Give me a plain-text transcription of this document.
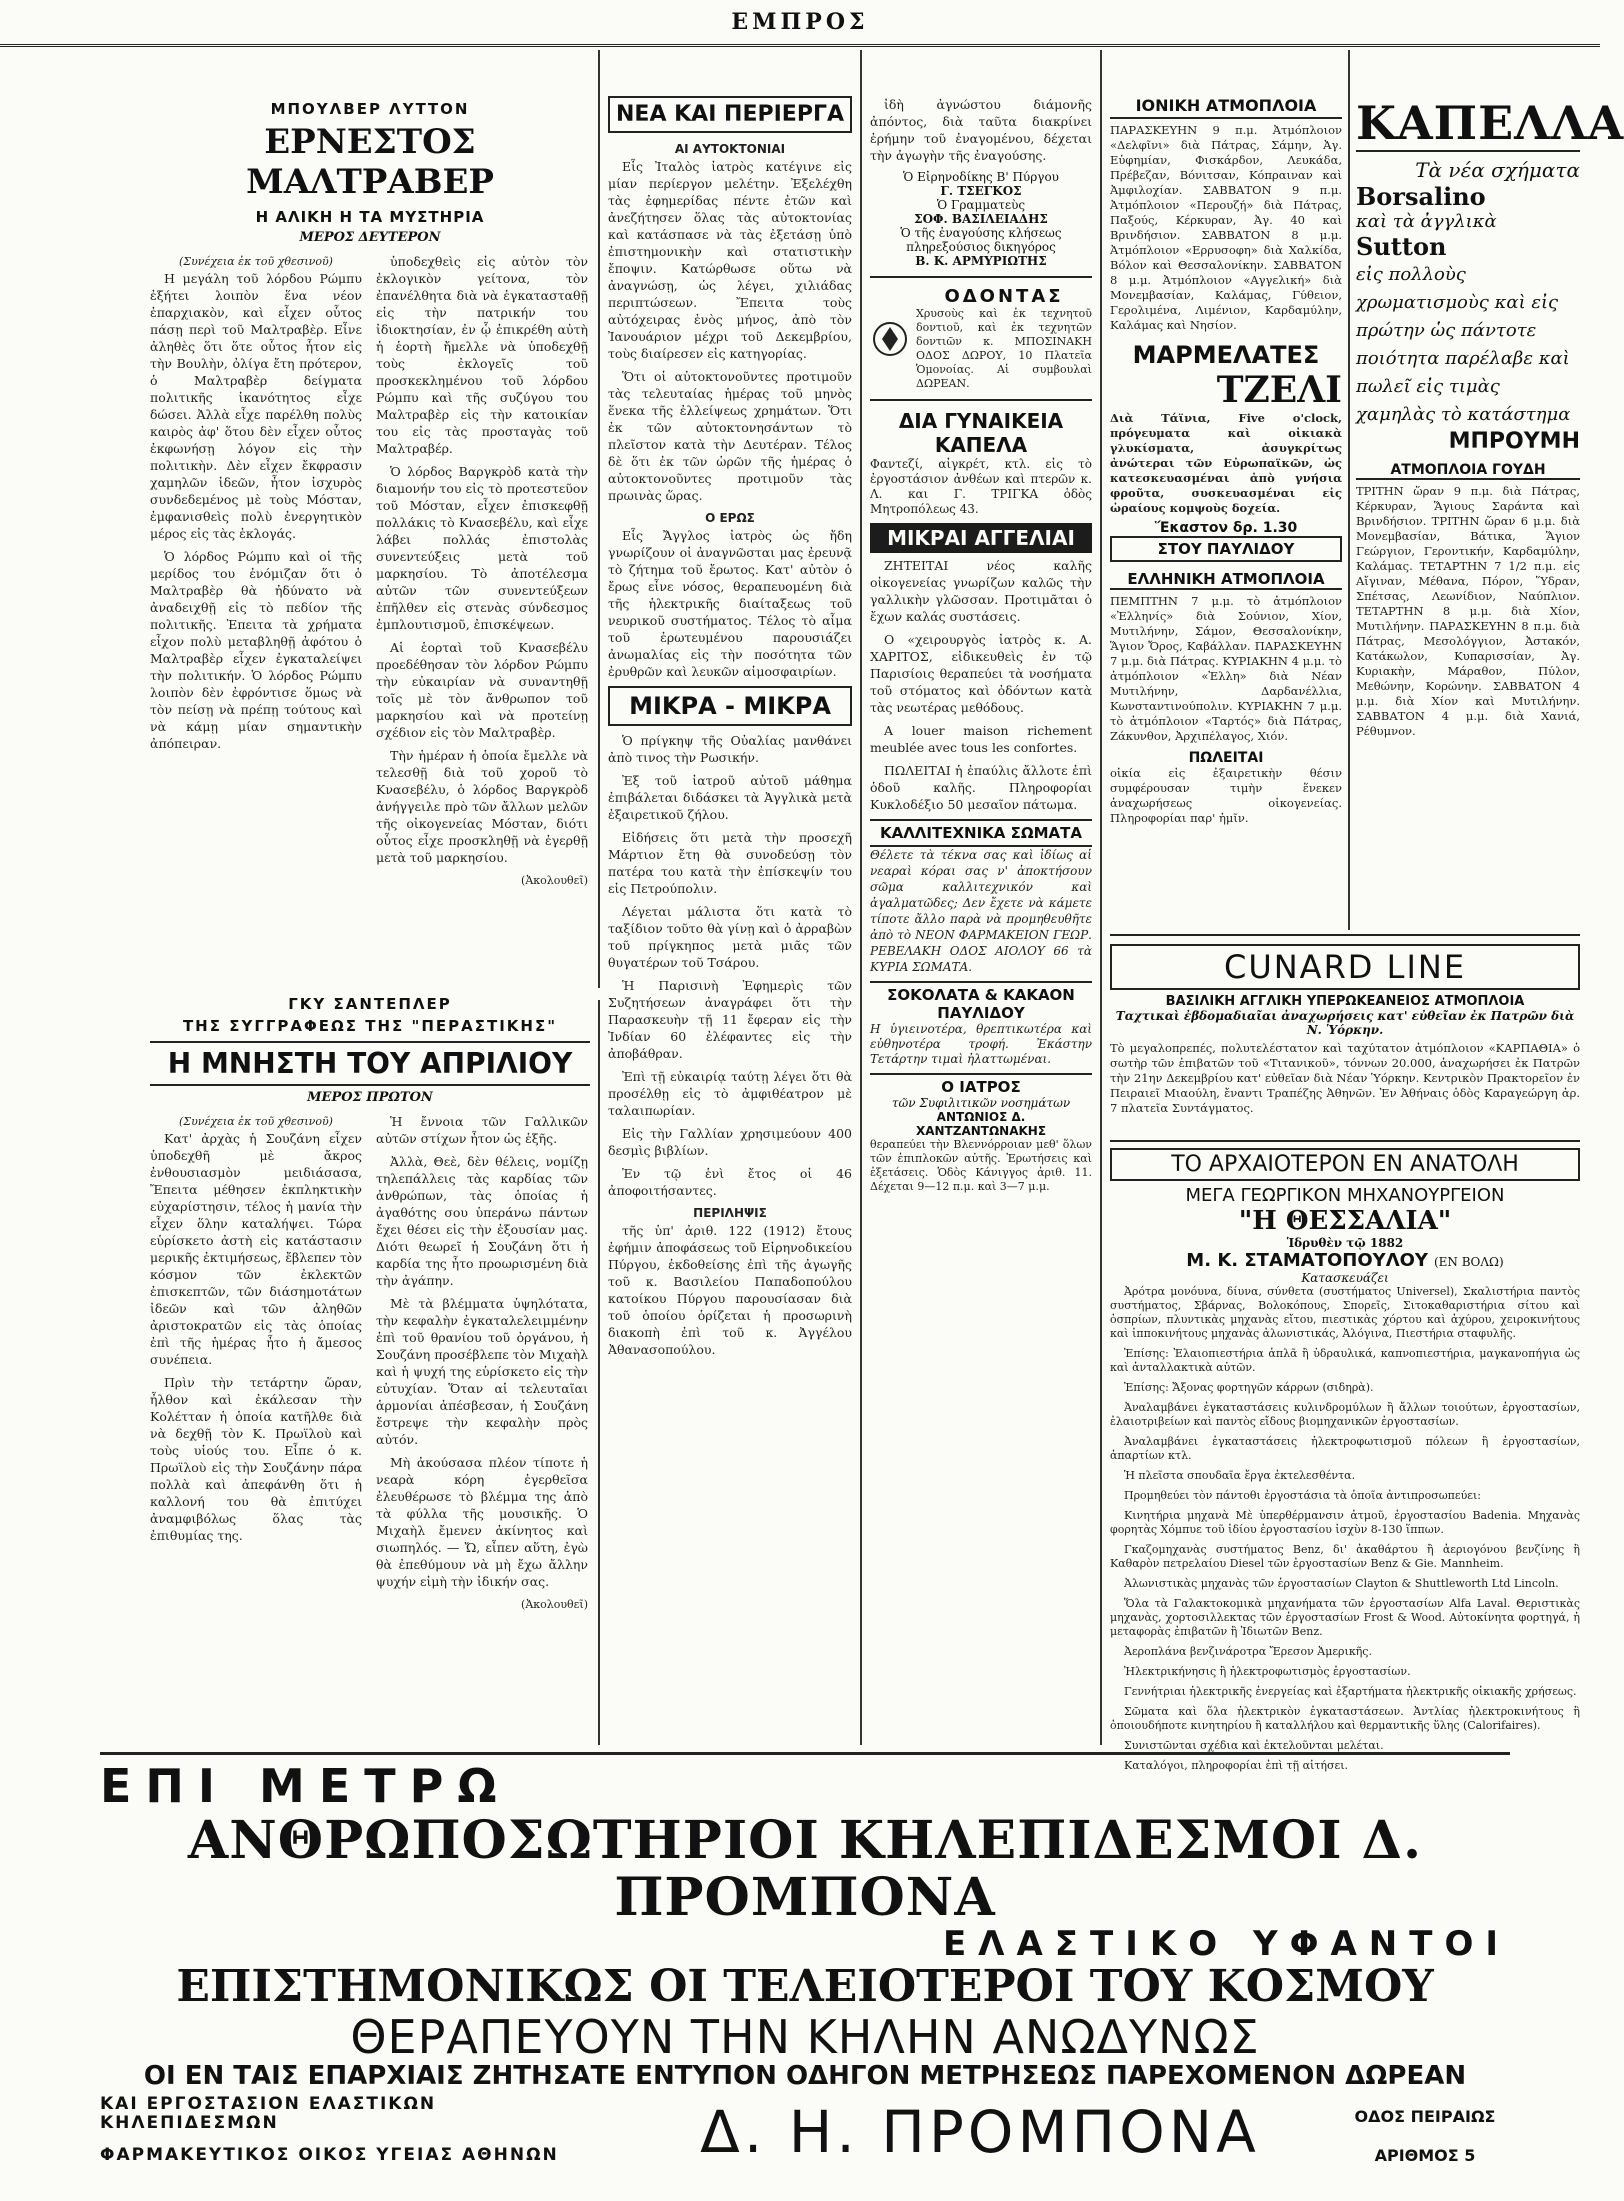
ΕΜΠΡΟΣ
ΜΠΟΥΛΒΕΡ ΛΥΤΤΟΝ
ΕΡΝΕΣΤΟΣ ΜΑΛΤΡΑΒΕΡ
Η ΑΛΙΚΗ Η ΤΑ ΜΥΣΤΗΡΙΑ
ΜΕΡΟΣ ΔΕΥΤΕΡΟΝ
(Συνέχεια ἐκ τοῦ χθεσινοῦ)

Η μεγάλη τοῦ λόρδου Ρώμπυ ἐξήτει λοιπὸν ἕνα νέον ἐπαρχιακὸν, καὶ εἶχεν οὗτος πάσῃ περὶ τοῦ Μαλτραβὲρ. Εἶνε ἀληθὲς ὅτι ὅτε οὗτος ἦτον εἰς τὴν Βουλὴν, ὀλίγα ἔτη πρότερον, ὁ Μαλτραβὲρ δείγματα πολιτικῆς ἱκανότητος εἶχε δώσει. Ἀλλὰ εἶχε παρέλθη πολὺς καιρὸς ἀφ' ὅτου δὲν εἶχεν οὗτος ἐκφωνήσῃ λόγον εἰς τὴν πολιτικὴν. Δὲν εἶχεν ἔκφρασιν χαμηλῶν ἰδεῶν, ἦτον ἰσχυρὸς συνδεδεμένος μὲ τοὺς Μόσταν, ἐμφανισθεὶς πολὺ ἐνεργητικὸν μέρος εἰς τὰς ἐκλογάς.

Ὁ λόρδος Ρώμπυ καὶ οἱ τῆς μερίδος του ἐνόμιζαν ὅτι ὁ Μαλτραβὲρ θὰ ἠδύνατο νὰ ἀναδειχθῇ εἰς τὸ πεδίον τῆς πολιτικῆς. Ἐπειτα τὰ χρήματα εἶχον πολὺ μεταβληθῇ ἀφότου ὁ Μαλτραβὲρ εἶχεν ἐγκαταλείψει τὴν πολιτικήν. Ὁ λόρδος Ρώμπυ λοιπὸν δὲν ἐφρόντισε ὅμως νὰ τὸν πείσῃ νὰ πρέπῃ τούτους καὶ νὰ κάμῃ μίαν σημαντικὴν ἀπόπειραν.

ὑποδεχθεὶς εἰς αὐτὸν τὸν ἐκλογικὸν γείτονα, τὸν ἐπανέλθητα διὰ νὰ ἐγκατασταθῇ εἰς τὴν πατρικήν του ἰδιοκτησίαν, ἐν ᾧ ἐπικρέθη αὐτὴ ἡ ἑορτὴ ἤμελλε νὰ ὑποδεχθῇ τοὺς ἐκλογεῖς τοῦ προσκεκλημένου τοῦ λόρδου Ρώμπυ καὶ τῆς συζύγου του Μαλτραβὲρ εἰς τὴν κατοικίαν του εἰς τὰς προσταγὰς τοῦ Μαλτραβέρ.

Ὁ λόρδος Βαργκρὸδ κατὰ τὴν διαμονήν του εἰς τὸ προτεστεῦον τοῦ Μόσταν, εἶχεν ἐπισκεφθῇ πολλάκις τὸ Κνασεβέλυ, καὶ εἶχε λάβει πολλάς ἐπιστολὰς συνεντεύξεις μετὰ τοῦ μαρκησίου. Τὸ ἀποτέλεσμα αὐτῶν τῶν συνεντεύξεων ἐπῆλθεν εἰς στενὰς σύνδεσμος ἐμπλουτισμοῦ, ἐπισκέψεων.

Αἱ ἑορταὶ τοῦ Κνασεβέλυ προεδέθησαν τὸν λόρδον Ρώμπυ τὴν εὐκαιρίαν νὰ συναντηθῇ τοῖς μὲ τὸν ἄνθρωπον τοῦ μαρκησίου καὶ νὰ προτείνῃ σχέδιον εἰς τὸν Μαλτραβὲρ.

Τὴν ἡμέραν ἡ ὁποία ἔμελλε νὰ τελεσθῇ διὰ τοῦ χοροῦ τὸ Κνασεβέλυ, ὁ λόρδος Βαργκρὸδ ἀνήγγειλε πρὸ τῶν ἄλλων μελῶν τῆς οἰκογενείας Μόσταν, διότι οὗτος εἶχε προσκληθῇ νὰ ἐγερθῇ μετὰ τοῦ μαρκησίου.

(Ἀκολουθεῖ)
ΓΚΥ ΣΑΝΤΕΠΛΕΡ
ΤΗΣ ΣΥΓΓΡΑΦΕΩΣ ΤΗΣ "ΠΕΡΑΣΤΙΚΗΣ"
Η ΜΝΗΣΤΗ ΤΟΥ ΑΠΡΙΛΙΟΥ
ΜΕΡΟΣ ΠΡΩΤΟΝ
(Συνέχεια ἐκ τοῦ χθεσινοῦ)

Κατ' ἀρχὰς ἡ Σουζάνη εἶχεν ὑποδεχθῆ μὲ ἄκρος ἐνθουσιασμὸν μειδιάσασα, Ἔπειτα μέθησεν ἐκπληκτικὴν εὐχαρίστησιν, τέλος ἡ μανία τὴν εἶχεν ὅλην καταλήψει. Τώρα εὑρίσκετο ἀστὴ εἰς κατάστασιν μερικῆς ἐκτιμήσεως, ἔβλεπεν τὸν κόσμον τῶν ἐκλεκτῶν ἐπισκεπτῶν, τῶν διάσημοτάτων ἰδεῶν καὶ τῶν ἀληθῶν ἀριστοκρατῶν εἰς τὰς ὁποίας ἐπὶ τῆς ἡμέρας ἦτο ἡ ἄμεσος συνέπεια.

Πρὶν τὴν τετάρτην ὥραν, ἦλθον καὶ ἐκάλεσαν τὴν Κολέτταν ἡ ὁποία κατῆλθε διὰ νὰ δεχθῇ τὸν Κ. Πρωϊλοὺ καὶ τοὺς υἱούς του. Εἶπε ὁ κ. Πρωϊλοὺ εἰς τὴν Σουζάνην πάρα πολλὰ καὶ ἀπεφάνθη ὅτι ἡ καλλονή του θὰ ἐπιτύχει ἀναμφιβόλως ὅλας τὰς ἐπιθυμίας της.

Ἡ ἔννοια τῶν Γαλλικῶν αὐτῶν στίχων ἦτον ὡς ἑξῆς.

Ἀλλὰ, Θεὲ, δὲν θέλεις, νομίζῃ τηλεπάλλεις τὰς καρδίας τῶν ἀνθρώπων, τὰς ὁποίας ἡ ἀγαθότης σου ὑπεράνω πάντων ἔχει θέσει εἰς τὴν ἐξουσίαν μας. Διότι θεωρεῖ ἡ Σουζάνη ὅτι ἡ καρδία της ἦτο προωρισμένη διὰ τὴν ἀγάπην.

Μὲ τὰ βλέμματα ὑψηλότατα, τὴν κεφαλὴν ἐγκαταλελειμμένην ἐπὶ τοῦ θρανίου τοῦ ὀργάνου, ἡ Σουζάνη προσέβλεπε τὸν Μιχαὴλ καὶ ἡ ψυχή της εὑρίσκετο εἰς τὴν εὐτυχίαν. Ὅταν αἱ τελευταῖαι ἁρμονίαι ἀπέσβεσαν, ἡ Σουζάνη ἔστρεψε τὴν κεφαλὴν πρὸς αὐτόν.

Μὴ ἀκούσασα πλέον τίποτε ἡ νεαρὰ κόρη ἐγερθεῖσα ἐλευθέρωσε τὸ βλέμμα της ἀπὸ τὰ φύλλα τῆς μουσικῆς. Ὁ Μιχαὴλ ἔμενεν ἀκίνητος καὶ σιωπηλός. — Ὤ, εἶπεν αὕτη, ἐγὼ θὰ ἐπεθύμουν νὰ μὴ ἔχω ἄλλην ψυχήν εἰμὴ τὴν ἰδικήν σας.

(Ἀκολουθεῖ)
ΝΕΑ ΚΑΙ ΠΕΡΙΕΡΓΑ
ΑΙ ΑΥΤΟΚΤΟΝΙΑΙ

Εἷς Ἰταλὸς ἰατρὸς κατέγινε εἰς μίαν περίεργον μελέτην. Ἐξελέχθη τὰς ἐφημερίδας πέντε ἐτῶν καὶ ἀνεζήτησεν ὅλας τὰς αὐτοκτονίας καὶ κατάσπασε νὰ τὰς ἐξετάσῃ ὑπὸ ἐπιστημονικὴν καὶ στατιστικὴν ἔποψιν. Κατώρθωσε οὕτω νὰ ἀναγνώσῃ, ὡς λέγει, χιλιάδας περιπτώσεων. Ἔπειτα τοὺς αὐτόχειρας ἐνὸς μήνος, ἀπὸ τὸν Ἰανουάριον μέχρι τοῦ Δεκεμβρίου, τοὺς διαίρεσεν εἰς κατηγορίας.

Ὅτι οἱ αὐτοκτονοῦντες προτιμοῦν τὰς τελευταίας ἡμέρας τοῦ μηνὸς ἕνεκα τῆς ἐλλείψεως χρημάτων. Ὅτι ἐκ τῶν αὐτοκτονησάντων τὸ πλεῖστον κατὰ τὴν Δευτέραν. Τέλος δὲ ὅτι ἐκ τῶν ὡρῶν τῆς ἡμέρας ὁ αὐτοκτονοῦντες προτιμοῦν τὰς πρωινὰς ὥρας.

Ο ΕΡΩΣ

Εἷς Ἄγγλος ἰατρὸς ὡς ἤδη γνωρίζουν οἱ ἀναγνῶσται μας ἐρευνᾷ τὸ ζήτημα τοῦ ἔρωτος. Κατ' αὐτὸν ὁ ἔρως εἶνε νόσος, θεραπευομένη διὰ τῆς ἡλεκτρικῆς διαίταξεως τοῦ νευρικοῦ συστήματος. Τέλος τὸ αἷμα τοῦ ἐρωτευμένου παρουσιάζει ἀνωμαλίας εἰς τὴν ποσότητα τῶν ἐρυθρῶν καὶ λευκῶν αἱμοσφαιρίων.

ΜΙΚΡΑ - ΜΙΚΡΑ

Ὁ πρίγκηψ τῆς Οὐαλίας μανθάνει ἀπὸ τινος τὴν Ρωσικήν.

Ἐξ τοῦ ἰατροῦ αὐτοῦ μάθημα ἐπιβάλεται διδάσκει τὰ Ἀγγλικὰ μετὰ ἐξαιρετικοῦ ζήλου.

Εἰδήσεις ὅτι μετὰ τὴν προσεχῆ Μάρτιον ἔτη θὰ συνοδεύσῃ τὸν πατέρα του κατὰ τὴν ἐπίσκεψίν του εἰς Πετρούπολιν.

Λέγεται μάλιστα ὅτι κατὰ τὸ ταξίδιον τοῦτο θὰ γίνῃ καὶ ὁ ἀρραβὼν τοῦ πρίγκηπος μετὰ μιᾶς τῶν θυγατέρων τοῦ Τσάρου.

Ἡ Παρισινὴ Ἐφημερὶς τῶν Συζητήσεων ἀναγράφει ὅτι τὴν Παρασκευὴν τῇ 11 ἔφεραν εἰς τὴν Ἰνδίαν 60 ἐλέφαντες εἰς τὴν ἀποβάθραν.

Ἐπὶ τῇ εὐκαιρίᾳ ταύτῃ λέγει ὅτι θὰ προσέλθῃ εἰς τὸ ἀμφιθέατρον μὲ ταλαιπωρίαν.

Εἰς τὴν Γαλλίαν χρησιμεύουν 400 δεσμὶς βιβλίων.

Ἐν τῷ ἑνὶ ἔτος οἱ 46 ἀποφοιτήσαντες.

ΠΕΡΙΛΗΨΙΣ

τῆς ὑπ' ἀριθ. 122 (1912) ἔτους ἐφήμιν ἀποφάσεως τοῦ Εἰρηνοδικείου Πύργου, ἐκδοθείσης ἐπὶ τῆς ἀγωγῆς τοῦ κ. Βασιλείου Παπαδοπούλου κατοίκου Πύργου παρουσίασαν διὰ τοῦ ὁποίου ὁρίζεται ἡ προσωρινὴ διακοπὴ ἐπὶ τοῦ κ. Ἀγγέλου Ἀθανασοπούλου.

ἰδὴ ἀγνώστου διάμονῆς ἀπόντος, διὰ ταῦτα διακρίνει ἐρήμην τοῦ ἐναγομένου, δέχεται τὴν ἀγωγὴν τῆς ἐναγούσης.

Ὁ Εἰρηνοδίκης Β' Πύργου
Γ. ΤΣΕΓΚΟΣ
Ὁ Γραμματεὺς
ΣΟΦ. ΒΑΣΙΛΕΙΑΔΗΣ
Ὁ τῆς ἐναγούσης κλήσεως πληρεξούσιος δικηγόρος
Β. Κ. ΑΡΜΥΡΙΩΤΗΣ
ΟΔΟΝΤΑΣ
Χρυσοὺς καὶ ἐκ τεχνητοῦ δοντιοῦ, καὶ ἐκ τεχνητῶν δοντιῶν κ. ΜΠΟΣΙΝΑΚΗ ΟΔΟΣ ΔΩΡΟΥ, 10 Πλατεῖα Ὁμονοίας. Αἱ συμβουλαὶ ΔΩΡΕΑΝ.
ΔΙΑ ΓΥΝΑΙΚΕΙΑ ΚΑΠΕΛΑ
Φαντεζί, αἰγκρέτ, κτλ. εἰς τὸ ἐργοστάσιον ἀνθέων καὶ πτερῶν κ. Λ. και Γ. ΤΡΙΓΚΑ ὁδὸς Μητροπόλεως 43.
ΜΙΚΡΑΙ ΑΓΓΕΛΙΑΙ

ΖΗΤΕΙΤΑΙ νέος καλῆς οἰκογενείας γνωρίζων καλῶς τὴν γαλλικὴν γλῶσσαν. Προτιμᾶται ὁ ἔχων καλάς συστάσεις.

Ο «χειρουργὸς ἰατρὸς κ. Α. ΧΑΡΙΤΟΣ, εἰδικευθεὶς ἐν τῷ Παρισίοις θεραπεύει τὰ νοσήματα τοῦ στόματος καὶ ὀδόντων κατὰ τὰς νεωτέρας μεθόδους.

A louer maison richement meublée avec tous les confortes.

ΠΩΛΕΙΤΑΙ ἡ ἐπαύλις ἄλλοτε ἐπὶ ὁδοῦ καλῆς. Πληροφορίαι Κυκλοδέξιο 50 μεσαῖον πάτωμα.

ΚΑΛΛΙΤΕΧΝΙΚΑ ΣΩΜΑΤΑ
Θέλετε τὰ τέκνα σας καὶ ἰδίως αἱ νεαραὶ κόραι σας ν' ἀποκτήσουν σῶμα καλλιτεχνικόν καὶ ἀγαλματῶδες; Δεν ἔχετε νὰ κάμετε τίποτε ἄλλο παρὰ νὰ προμηθευθῆτε ἀπὸ τὸ ΝΕΟΝ ΦΑΡΜΑΚΕΙΟΝ ΓΕΩΡ. ΡΕΒΕΛΑΚΗ ΟΔΟΣ ΑΙΟΛΟΥ 66 τὰ ΚΥΡΙΑ ΣΩΜΑΤΑ.
ΣΟΚΟΛΑΤΑ & ΚΑΚΑΟΝ ΠΑΥΛΙΔΟΥ
Η ὑγιεινοτέρα, θρεπτικωτέρα καὶ εὐθηνοτέρα τροφή. Ἐκάστην Τετάρτην τιμαὶ ἠλαττωμέναι.
Ο ΙΑΤΡΟΣ
τῶν Συφιλιτικῶν νοσημάτων
ΑΝΤΩΝΙΟΣ Δ. ΧΑΝΤΖΑΝΤΩΝΑΚΗΣ
θεραπεύει τὴν Βλεννόρροιαν μεθ' ὅλων τῶν ἐπιπλοκῶν αὐτῆς. Ἐρωτήσεις καὶ ἐξετάσεις. Ὁδὸς Κάνιγγος ἀριθ. 11. Δέχεται 9—12 π.μ. καὶ 3—7 μ.μ.
ΙΟΝΙΚΗ ΑΤΜΟΠΛΟΙΑ
ΠΑΡΑΣΚΕΥΗΝ 9 π.μ. Ἀτμόπλοιον «Δελφῖνι» διὰ Πάτρας, Σάμην, Ἀγ. Εὐφημίαν, Φισκάρδον, Λευκάδα, Πρέβεζαν, Βόνιτσαν, Κόπραιναν καὶ Ἀμφιλοχίαν. ΣΑΒΒΑΤΟΝ 9 π.μ. Ἀτμόπλοιον «Περουζή» διὰ Πάτρας, Παξούς, Κέρκυραν, Ἀγ. 40 καὶ Βρινδήσιον. ΣΑΒΒΑΤΟΝ 8 μ.μ. Ἀτμόπλοιον «Ερρυσοφη» διὰ Χαλκίδα, Βόλον καὶ Θεσσαλονίκην. ΣΑΒΒΑΤΟΝ 8 μ.μ. Ἀτμόπλοιον «Αγγελική» διὰ Μονεμβασίαν, Καλάμας, Γύθειον, Γερολιμένα, Λιμένιον, Καρδαμύλην, Καλάμας καὶ Νησίον.
ΜΑΡΜΕΛΑΤΕΣ
ΤΖΕΛΙ
Διὰ Τάϊνια, Five o'clock, πρόγευματα καὶ οἰκιακὰ γλυκίσματα, ἀσυγκρίτως ἀνώτεραι τῶν Εὐρωπαϊκῶν, ὡς κατεσκευασμέναι ἀπὸ γνήσια φροῦτα, συσκευασμέναι εἰς ὡραίους κομψοὺς δοχεία.
Ἕκαστον δρ. 1.30
ΣΤΟΥ ΠΑΥΛΙΔΟΥ
ΕΛΛΗΝΙΚΗ ΑΤΜΟΠΛΟΙΑ
ΠΕΜΠΤΗΝ 7 μ.μ. τὸ ἀτμόπλοιον «Ἐλληνίς» διὰ Σούνιον, Χίον, Μυτιλήνην, Σάμον, Θεσσαλονίκην, Ἅγιον Ὄρος, Καβάλλαν. ΠΑΡΑΣΚΕΥΗΝ 7 μ.μ. διὰ Πάτρας. ΚΥΡΙΑΚΗΝ 4 μ.μ. τὸ ἀτμόπλοιον «Ἐλλη» διὰ Νέαν Μυτιλήνην, Δαρδανέλλια, Κωνσταντινούπολιν. ΚΥΡΙΑΚΗΝ 7 μ.μ. τὸ ἀτμόπλοιον «Ταρτός» διὰ Πάτρας, Ζάκυνθον, Ἀρχιπέλαγος, Χιόν.
ΠΩΛΕΙΤΑΙ
οἰκία εἰς ἐξαιρετικὴν θέσιν συμφέρουσαν τιμὴν ἕνεκεν ἀναχωρήσεως οἰκογενείας. Πληροφορίαι παρ' ἡμῖν.
ΚΑΠΕΛΛΑ
Τὰ νέα σχήματα
Borsalino
καὶ τὰ ἀγγλικὰ
Sutton
εἰς πολλοὺς χρωματισμοὺς καὶ εἰς πρώτην ὡς πάντοτε ποιότητα παρέλαβε καὶ πωλεῖ εἰς τιμὰς χαμηλὰς τὸ κατάστημα
ΜΠΡΟΥΜΗ
ΑΤΜΟΠΛΟΙΑ ΓΟΥΔΗ
ΤΡΙΤΗΝ ὥραν 9 π.μ. διὰ Πάτρας, Κέρκυραν, Ἅγιους Σαράντα καὶ Βρινδήσιον. ΤΡΙΤΗΝ ὥραν 6 μ.μ. διὰ Μονεμβασίαν, Βάτικα, Ἅγιον Γεώργιον, Γεροντικήν, Καρδαμύλην, Καλάμας. ΤΕΤΑΡΤΗΝ 7 1/2 π.μ. εἰς Αἴγιναν, Μέθανα, Πόρον, Ὕδραν, Σπέτσας, Λεωνίδιον, Ναύπλιον. ΤΕΤΑΡΤΗΝ 8 μ.μ. διὰ Χίον, Μυτιλήνην. ΠΑΡΑΣΚΕΥΗΝ 8 π.μ. διὰ Πάτρας, Μεσολόγγιον, Ἀστακόν, Κατάκωλον, Κυπαρισσίαν, Ἀγ. Κυριακὴν, Μάραθον, Πύλον, Μεθώνην, Κορώνην. ΣΑΒΒΑΤΟΝ 4 μ.μ. διὰ Χίον καὶ Μυτιλήνην. ΣΑΒΒΑΤΟΝ 4 μ.μ. διὰ Χανιά, Ρέθυμνον.
CUNARD LINE
ΒΑΣΙΛΙΚΗ ΑΓΓΛΙΚΗ ΥΠΕΡΩΚΕΑΝΕΙΟΣ ΑΤΜΟΠΛΟΙΑ
Ταχτικαὶ ἐβδομαδιαῖαι ἀναχωρήσεις κατ' εὐθεῖαν ἐκ Πατρῶν διὰ Ν. Ὑόρκην.
Τὸ μεγαλοπρεπές, πολυτελέστατον καὶ ταχύτατον ἀτμόπλοιον «ΚΑΡΠΑΘΙΑ» ὁ σωτὴρ τῶν ἐπιβατῶν τοῦ «Τιτανικοῦ», τόννων 20.000, ἀναχωρήσει ἐκ Πατρῶν τὴν 21ην Δεκεμβρίου κατ' εὐθεῖαν διὰ Νέαν Ὑόρκην. Κεντρικὸν Πρακτορεῖον ἐν Πειραιεῖ Μιαούλη, ἔναντι Τραπέζης Ἀθηνῶν. Ἐν Ἀθήναις ὁδὸς Καραγεώργη ἀρ. 7 πλατεῖα Συντάγματος.
ΤΟ ΑΡΧΑΙΟΤΕΡΟΝ ΕΝ ΑΝΑΤΟΛΗ
ΜΕΓΑ ΓΕΩΡΓΙΚΟΝ ΜΗΧΑΝΟΥΡΓΕΙΟΝ
"Η ΘΕΣΣΑΛΙΑ"
Ἱδρυθὲν τῷ 1882
Μ. Κ. ΣΤΑΜΑΤΟΠΟΥΛΟΥ (ΕΝ ΒΟΛΩ)
Κατασκευάζει

Ἀρότρα μονόυνα, δίυνα, σύνθετα (συστήματος Universel), Σκαλιστήρια παντὸς συστήματος, Σβάρνας, Βολοκόπους, Σπορεῖς, Σιτοκαθαριστήρια σίτου καὶ ὀσπρίων, πλυντικὰς μηχανὰς εἴτου, πιεστικὰς χόρτου καὶ ἀχύρου, χειροκινήτους καὶ ἱπποκινήτους μηχανὰς ἀλωνιστικάς, Ἀλόγινα, Πιεστήρια σταφυλῆς.

Ἐπίσης: Ἐλαιοπιεστήρια ἁπλᾶ ἢ ὑδραυλικά, καπνοπιεστήρια, μαγκανοπήγια ὡς καὶ ἀνταλλακτικὰ αὐτῶν.

Ἐπίσης: Ἄξονας φορτηγῶν κάρρων (σιδηρὰ).

Ἀναλαμβάνει ἐγκαταστάσεις κυλινδρομύλων ἢ ἄλλων τοιούτων, ἐργοστασίων, ἐλαιοτριβείων καὶ παντὸς εἴδους βιομηχανικῶν ἐργοστασίων.

Ἀναλαμβάνει ἐγκαταστάσεις ἠλεκτροφωτισμοῦ πόλεων ἢ ἐργοστασίων, ἀπαρτίων κτλ.

Ἡ πλεῖστα σπουδαῖα ἔργα ἐκτελεσθέντα.

Προμηθεύει τὸν πάντοθι ἐργοστάσια τὰ ὁποῖα ἀντιπροσωπεύει:

Κινητήρια μηχανὰ Μὲ ὑπερθέρμανσιν ἀτμοῦ, ἐργοστασίου Badenia. Μηχανὰς φορητὰς Χόμπυε τοῦ ἰδίου ἐργοστασίου ἰσχὺν 8-130 ἵππων.

Γκαζομηχανὰς συστήματος Benz, δι' ἀκαθάρτου ἢ ἀεριογόνου βενζίνης ἢ Καθαρὸν πετρελαίου Diesel τῶν ἐργοστασίων Benz & Gie. Mannheim.

Ἀλωνιστικὰς μηχανὰς τῶν ἐργοστασίων Clayton & Shuttleworth Ltd Lincoln.

Ὅλα τὰ Γαλακτοκομικὰ μηχανήματα τῶν ἐργοστασίων Alfa Laval. Θεριστικὰς μηχανὰς, χορτοσιλλεκτας τῶν ἐργοστασίων Frost & Wood. Αὐτοκίνητα φορτηγά, ἡ μεταφορὰς ἐπιβατῶν ἢ Ἰδιωτῶν Benz.

Ἀεροπλάνα βενζινάροτρα Ἔρεσον Ἀμερικῆς.

Ἠλεκτρικήνησις ἢ ἠλεκτροφωτισμὸς ἐργοστασίων.

Γεννήτριαι ἠλεκτρικῆς ἐνεργείας καὶ ἐξαρτήματα ἠλεκτρικῆς οἰκιακῆς χρήσεως.

Σῶματα καὶ ὅλα ἠλεκτρικὸν ἐγκαταστάσεων. Ἀντλίας ἠλεκτροκινήτους ἢ ὁποιουδήποτε κινητηρίου ἢ καταλλήλου καὶ θερμαντικῆς ὕλης (Calorifaires).

Συνιστῶνται σχέδια καὶ ἐκτελοῦνται μελέται.

Καταλόγοι, πληροφορίαι ἐπὶ τῇ αἰτήσει.

ΕΠΙ ΜΕΤΡΩ
ΑΝΘΡΩΠΟΣΩΤΗΡΙΟΙ ΚΗΛΕΠΙΔΕΣΜΟΙ Δ. ΠΡΟΜΠΟΝΑ
ΕΛΑΣΤΙΚΟ ΥΦΑΝΤΟΙ
ΕΠΙΣΤΗΜΟΝΙΚΩΣ ΟΙ ΤΕΛΕΙΟΤΕΡΟΙ ΤΟΥ ΚΟΣΜΟΥ
ΘΕΡΑΠΕΥΟΥΝ ΤΗΝ ΚΗΛΗΝ ΑΝΩΔΥΝΩΣ
ΟΙ ΕΝ ΤΑΙΣ ΕΠΑΡΧΙΑΙΣ ΖΗΤΗΣΑΤΕ ΕΝΤΥΠΟΝ ΟΔΗΓΟΝ ΜΕΤΡΗΣΕΩΣ ΠΑΡΕΧΟΜΕΝΟΝ ΔΩΡΕΑΝ
ΚΑΙ ΕΡΓΟΣΤΑΣΙΟΝ ΕΛΑΣΤΙΚΩΝ ΚΗΛΕΠΙΔΕΣΜΩΝ
ΦΑΡΜΑΚΕΥΤΙΚΟΣ ΟΙΚΟΣ ΥΓΕΙΑΣ ΑΘΗΝΩΝ	Δ. Η. ΠΡΟΜΠΟΝΑ	ΟΔΟΣ ΠΕΙΡΑΙΩΣ
ΑΡΙΘΜΟΣ 5
